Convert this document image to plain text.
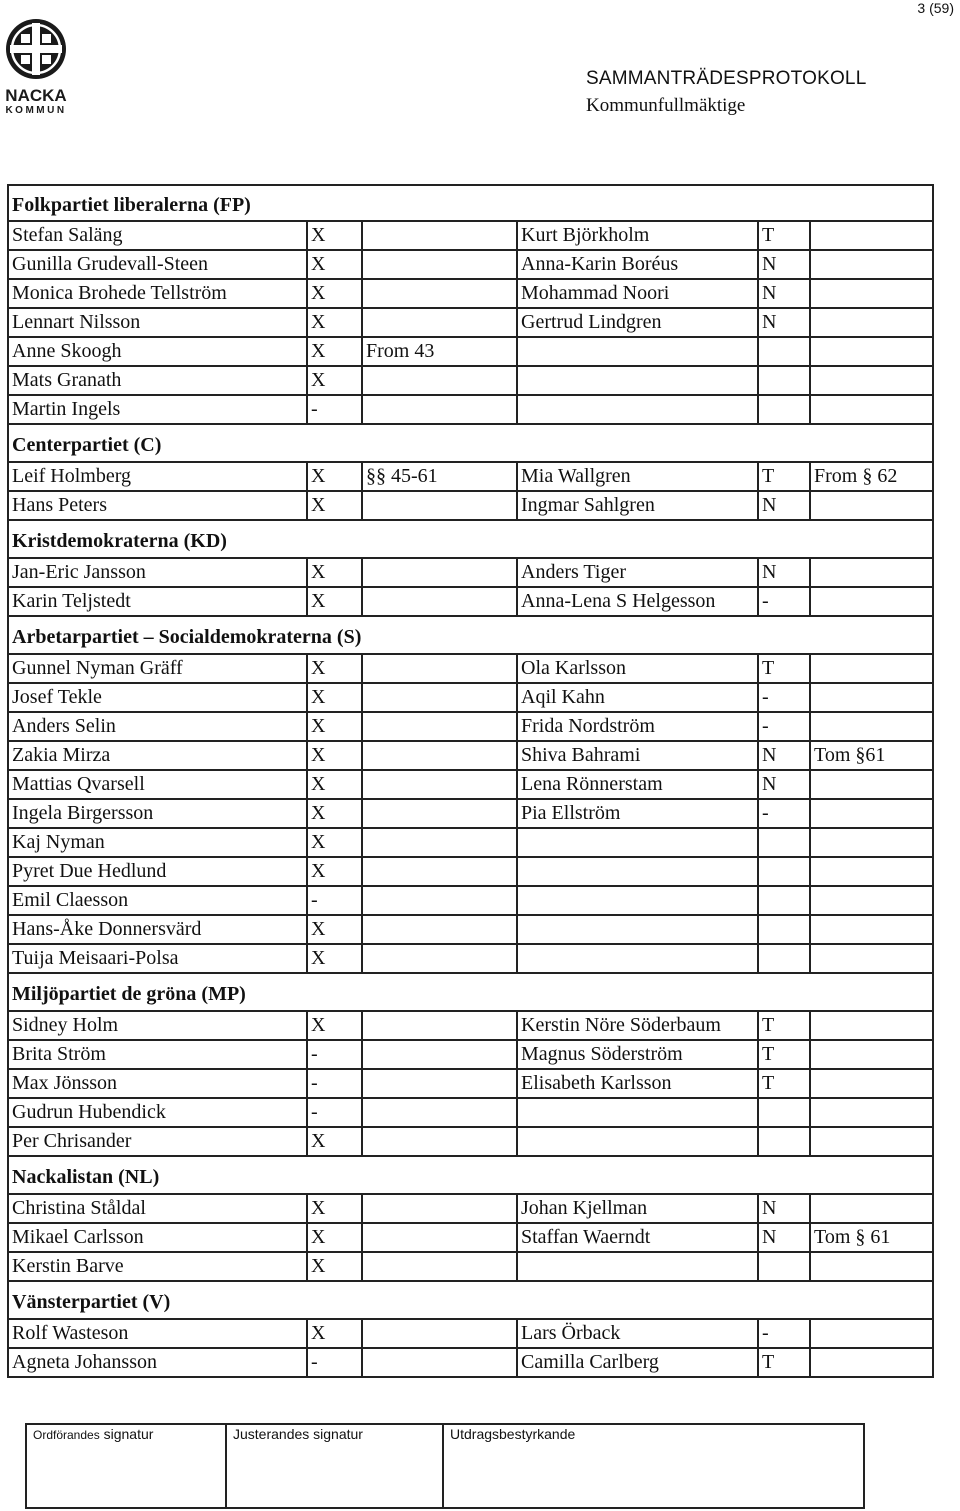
3 (59)
NACKA
KOMMUN
SAMMANTRÄDESPROTOKOLL
Kommunfullmäktige
Folkpartiet liberalerna (FP)					
Stefan Saläng	X		Kurt Björkholm	T	
Gunilla Grudevall-Steen	X		Anna-Karin Boréus	N	
Monica Brohede Tellström	X		Mohammad Noori	N	
Lennart Nilsson	X		Gertrud Lindgren	N	
Anne Skoogh	X	From 43			
Mats Granath	X				
Martin Ingels	-				
Centerpartiet (C)					
Leif Holmberg	X	§§ 45-61	Mia Wallgren	T	From § 62
Hans Peters	X		Ingmar Sahlgren	N	
Kristdemokraterna (KD)					
Jan-Eric Jansson	X		Anders Tiger	N	
Karin Teljstedt	X		Anna-Lena S Helgesson	-	
Arbetarpartiet – Socialdemokraterna (S)					
Gunnel Nyman Gräff	X		Ola Karlsson	T	
Josef Tekle	X		Aqil Kahn	-	
Anders Selin	X		Frida Nordström	-	
Zakia Mirza	X		Shiva Bahrami	N	Tom §61
Mattias Qvarsell	X		Lena Rönnerstam	N	
Ingela Birgersson	X		Pia Ellström	-	
Kaj Nyman	X				
Pyret Due Hedlund	X				
Emil Claesson	-				
Hans-Åke Donnersvärd	X				
Tuija Meisaari-Polsa	X				
Miljöpartiet de gröna (MP)					
Sidney Holm	X		Kerstin Nöre Söderbaum	T	
Brita Ström	-		Magnus Söderström	T	
Max Jönsson	-		Elisabeth Karlsson	T	
Gudrun Hubendick	-				
Per Chrisander	X				
Nackalistan (NL)					
Christina Ståldal	X		Johan Kjellman	N	
Mikael Carlsson	X		Staffan Waerndt	N	Tom § 61
Kerstin Barve	X				
Vänsterpartiet (V)					
Rolf Wasteson	X		Lars Örback	-	
Agneta Johansson	-		Camilla Carlberg	T	
Ordförandes signatur	Justerandes signatur	Utdragsbestyrkande
